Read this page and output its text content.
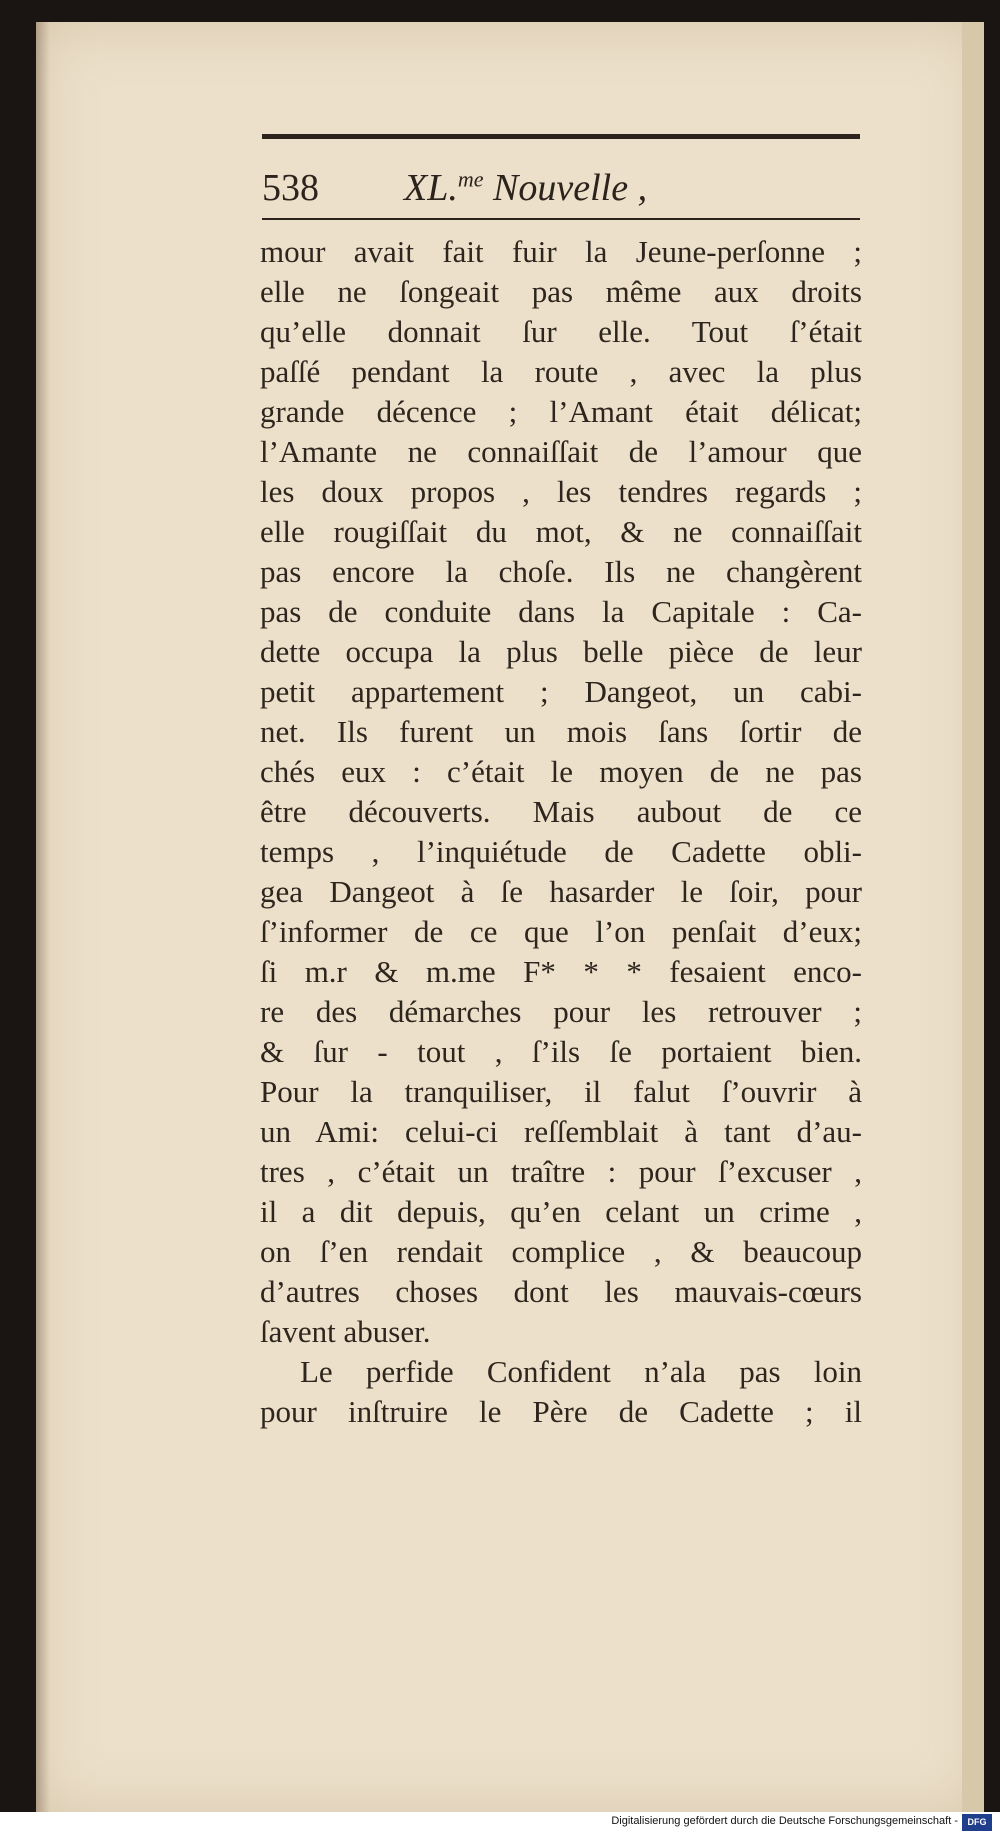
538 XL.$^{me}$ Nouvelle ,
mour avait fait fuir la Jeune-perſonne ;
elle ne ſongeait pas même aux droits
qu’elle donnait ſur elle. Tout ſ’était
paſſé pendant la route , avec la plus
grande décence ; l’Amant était délicat;
l’Amante ne connaiſſait de l’amour que
les doux propos , les tendres regards ;
elle rougiſſait du mot, & ne connaiſſait
pas encore la choſe. Ils ne changèrent
pas de conduite dans la Capitale : Ca-
dette occupa la plus belle pièce de leur
petit appartement ; Dangeot, un cabi-
net. Ils furent un mois ſans ſortir de
chés eux : c’était le moyen de ne pas
être découverts. Mais aubout de ce
temps , l’inquiétude de Cadette obli-
gea Dangeot à ſe hasarder le ſoir, pour
ſ’informer de ce que l’on penſait d’eux;
ſi m.r & m.me F* * * fesaient enco-
re des démarches pour les retrouver ;
& ſur - tout , ſ’ils ſe portaient bien.
Pour la tranquiliser, il falut ſ’ouvrir à
un Ami: celui-ci reſſemblait à tant d’au-
tres , c’était un traître : pour ſ’excuser ,
il a dit depuis, qu’en celant un crime ,
on ſ’en rendait complice , & beaucoup
d’autres choses dont les mauvais-cœurs
ſavent abuser.
Le perfide Confident n’ala pas loin
pour inſtruire le Père de Cadette ; il
Digitalisierung gefördert durch die Deutsche Forschungsgemeinschaft -	DFG
